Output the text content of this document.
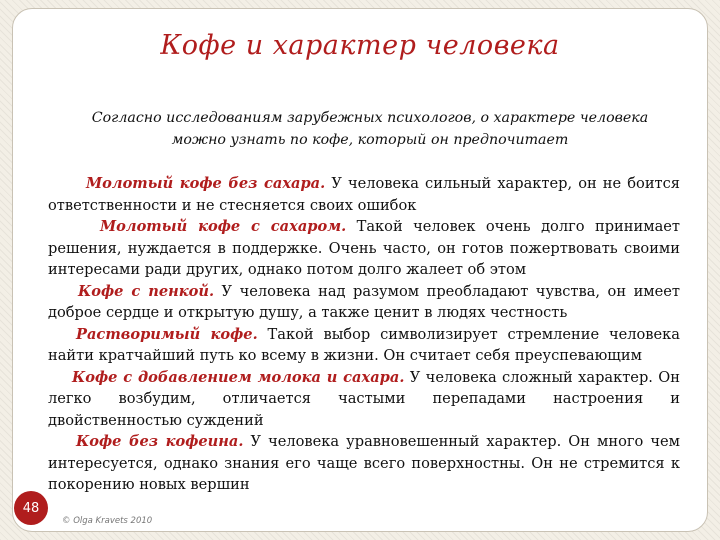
Кофе и характер человека
Согласно исследованиям зарубежных психологов, о характере человека
можно узнать по кофе, который он предпочитает

Молотый кофе без сахара. У человека сильный характер, он не боится ответственности и не стесняется своих ошибок

Молотый кофе с сахаром. Такой человек очень долго принимает решения, нуждается в поддержке. Очень часто, он готов пожертвовать своими интересами ради других, однако потом долго жалеет об этом

Кофе с пенкой. У человека над разумом преобладают чувства, он имеет доброе сердце и открытую душу, а также ценит в людях честность

Растворимый кофе. Такой выбор символизирует стремление человека найти кратчайший путь ко всему в жизни. Он считает себя преуспевающим

Кофе с добавлением молока и сахара. У человека сложный характер. Он легко возбудим, отличается частыми перепадами настроения и двойственностью суждений

Кофе без кофеина. У человека уравновешенный характер. Он много чем интересуется, однако знания его чаще всего поверхностны. Он не стремится к покорению новых вершин

48
© Olga Kravets 2010
